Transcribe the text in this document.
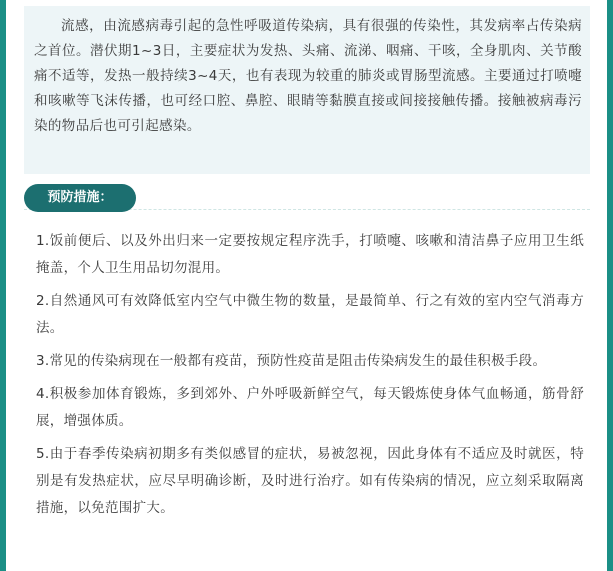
流感，由流感病毒引起的急性呼吸道传染病，具有很强的传染性，其发病率占传染病之首位。潜伏期1~3日，主要症状为发热、头痛、流涕、咽痛、干咳，全身肌肉、关节酸痛不适等，发热一般持续3~4天，也有表现为较重的肺炎或胃肠型流感。主要通过打喷嚏和咳嗽等飞沫传播，也可经口腔、鼻腔、眼睛等黏膜直接或间接接触传播。接触被病毒污染的物品后也可引起感染。

预防措施：
1.饭前便后、以及外出归来一定要按规定程序洗手，打喷嚏、咳嗽和清洁鼻子应用卫生纸掩盖，个人卫生用品切勿混用。
2.自然通风可有效降低室内空气中微生物的数量，是最简单、行之有效的室内空气消毒方法。
3.常见的传染病现在一般都有疫苗，预防性疫苗是阻击传染病发生的最佳积极手段。
4.积极参加体育锻炼，多到郊外、户外呼吸新鲜空气，每天锻炼使身体气血畅通，筋骨舒展，增强体质。
5.由于春季传染病初期多有类似感冒的症状，易被忽视，因此身体有不适应及时就医，特别是有发热症状，应尽早明确诊断，及时进行治疗。如有传染病的情况，应立刻采取隔离措施，以免范围扩大。
